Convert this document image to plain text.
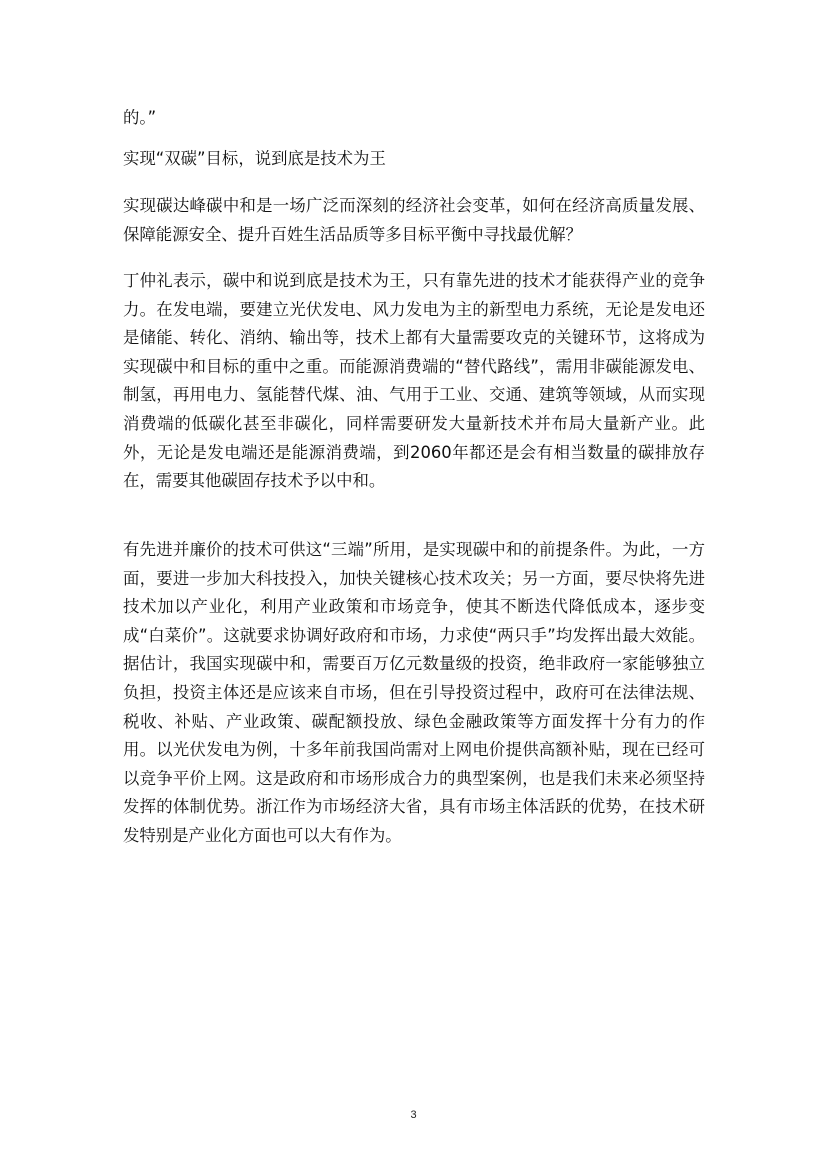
的。”

实现“双碳”目标，说到底是技术为王

实现碳达峰碳中和是一场广泛而深刻的经济社会变革，如何在经济高质量发展、保障能源安全、提升百姓生活品质等多目标平衡中寻找最优解？

丁仲礼表示，碳中和说到底是技术为王，只有靠先进的技术才能获得产业的竞争力。在发电端，要建立光伏发电、风力发电为主的新型电力系统，无论是发电还是储能、转化、消纳、输出等，技术上都有大量需要攻克的关键环节，这将成为实现碳中和目标的重中之重。而能源消费端的“替代路线”，需用非碳能源发电、制氢，再用电力、氢能替代煤、油、气用于工业、交通、建筑等领域，从而实现消费端的低碳化甚至非碳化，同样需要研发大量新技术并布局大量新产业。此外，无论是发电端还是能源消费端，到2060年都还是会有相当数量的碳排放存在，需要其他碳固存技术予以中和。

有先进并廉价的技术可供这“三端”所用，是实现碳中和的前提条件。为此，一方面，要进一步加大科技投入，加快关键核心技术攻关；另一方面，要尽快将先进技术加以产业化，利用产业政策和市场竞争，使其不断迭代降低成本，逐步变成“白菜价”。这就要求协调好政府和市场，力求使“两只手”均发挥出最大效能。据估计，我国实现碳中和，需要百万亿元数量级的投资，绝非政府一家能够独立负担，投资主体还是应该来自市场，但在引导投资过程中，政府可在法律法规、税收、补贴、产业政策、碳配额投放、绿色金融政策等方面发挥十分有力的作用。以光伏发电为例，十多年前我国尚需对上网电价提供高额补贴，现在已经可以竞争平价上网。这是政府和市场形成合力的典型案例，也是我们未来必须坚持发挥的体制优势。浙江作为市场经济大省，具有市场主体活跃的优势，在技术研发特别是产业化方面也可以大有作为。

3
